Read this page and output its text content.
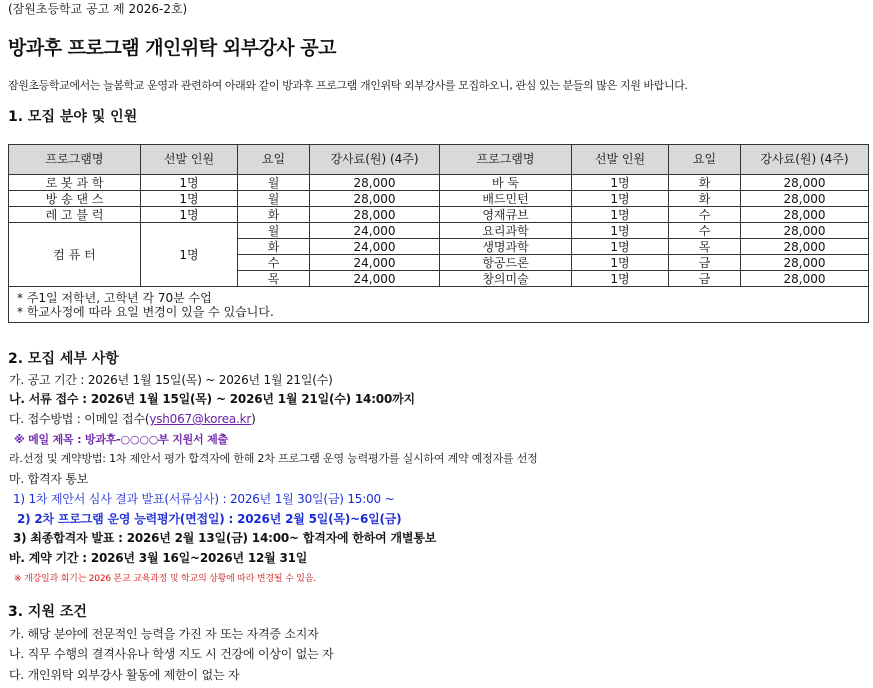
(잠원초등학교 공고 제 2026-2호)
방과후 프로그램 개인위탁 외부강사 공고
잠원초등학교에서는 늘봄학교 운영과 관련하여 아래와 같이 방과후 프로그램 개인위탁 외부강사를 모집하오니, 관심 있는 분들의 많은 지원 바랍니다.
1. 모집 분야 및 인원
프로그램명	선발 인원	요일	강사료(원) (4주)	프로그램명	선발 인원	요일	강사료(원) (4주)
로 봇 과 학	1명	월	28,000	바 둑	1명	화	28,000
방 송 댄 스	1명	월	28,000	배드민턴	1명	화	28,000
레 고 블 럭	1명	화	28,000	영재큐브	1명	수	28,000
컴 퓨 터	1명	월	24,000	요리과학	1명	수	28,000
		화	24,000	생명과학	1명	목	28,000
		수	24,000	항공드론	1명	금	28,000
		목	24,000	창의미술	1명	금	28,000

* 주1일 저학년, 고학년 각 70분 수업
* 학교사정에 따라 요일 변경이 있을 수 있습니다.							
2. 모집 세부 사항
가. 공고 기간 : 2026년 1월 15일(목) ~ 2026년 1월 21일(수)
나. 서류 접수 : 2026년 1월 15일(목) ~ 2026년 1월 21일(수) 14:00까지
다. 접수방법 : 이메일 접수(ysh067@korea.kr)
※ 메일 제목 : 방과후-○○○○부 지원서 제출
라.선정 및 계약방법: 1차 제안서 평가 합격자에 한해 2차 프로그램 운영 능력평가를 실시하여 계약 예정자를 선정
마. 합격자 통보
1) 1차 제안서 심사 결과 발표(서류심사) : 2026년 1월 30일(금) 15:00 ~
2) 2차 프로그램 운영 능력평가(면접일) : 2026년 2월 5일(목)~6일(금)
3) 최종합격자 발표 : 2026년 2월 13일(금) 14:00~ 합격자에 한하여 개별통보
바. 계약 기간 : 2026년 3월 16일~2026년 12월 31일
※ 개강일과 회기는 2026 본교 교육과정 및 학교의 상황에 따라 변경될 수 있음.
3. 지원 조건
가. 해당 분야에 전문적인 능력을 가진 자 또는 자격증 소지자
나. 직무 수행의 결격사유나 학생 지도 시 건강에 이상이 없는 자
다. 개인위탁 외부강사 활동에 제한이 없는 자
